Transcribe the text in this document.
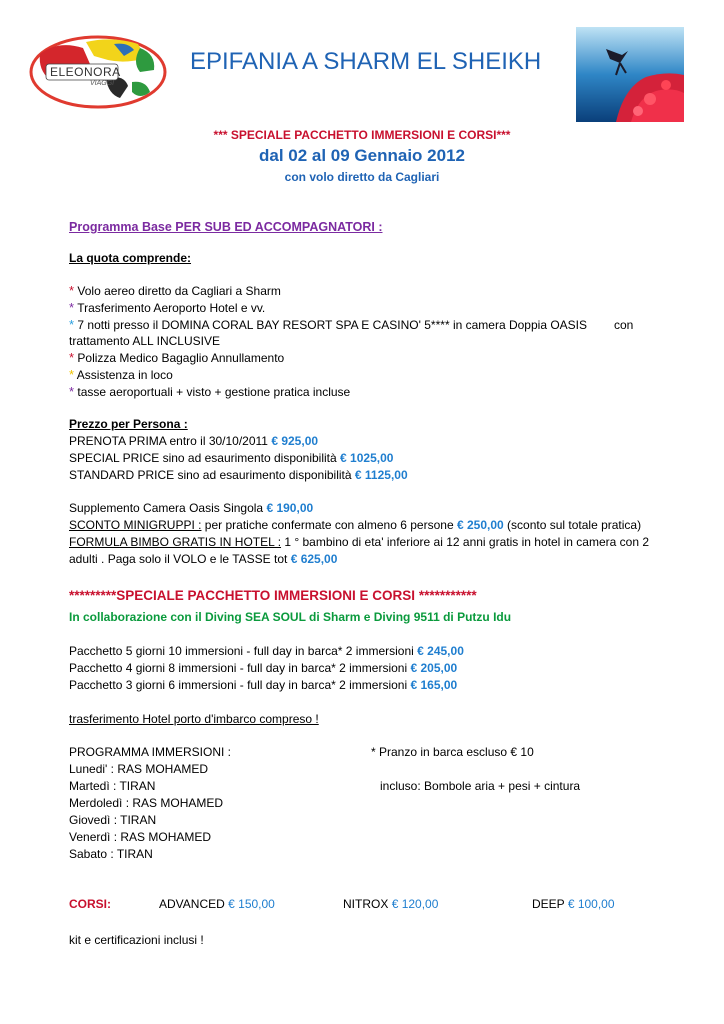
ELEONORA
VIAGGI
EPIFANIA A SHARM EL SHEIKH
*** SPECIALE PACCHETTO IMMERSIONI E CORSI***
dal 02 al 09 Gennaio 2012
con volo diretto da Cagliari
Programma Base PER SUB ED ACCOMPAGNATORI :
La quota comprende:
* Volo aereo diretto da Cagliari a Sharm
* Trasferimento Aeroporto Hotel e vv.
* 7 notti presso il DOMINA CORAL BAY RESORT SPA E CASINO' 5**** in camera Doppia OASIS con
trattamento ALL INCLUSIVE
* Polizza Medico Bagaglio Annullamento
* Assistenza in loco
* tasse aeroportuali + visto + gestione pratica incluse
Prezzo per Persona :
PRENOTA PRIMA entro il 30/10/2011 € 925,00
SPECIAL PRICE sino ad esaurimento disponibilità € 1025,00
STANDARD PRICE sino ad esaurimento disponibilità € 1125,00
Supplemento Camera Oasis Singola € 190,00
SCONTO MINIGRUPPI : per pratiche confermate con almeno 6 persone € 250,00 (sconto sul totale pratica)
FORMULA BIMBO GRATIS IN HOTEL : 1 ° bambino di eta' inferiore ai 12 anni gratis in hotel in camera con 2
adulti . Paga solo il VOLO e le TASSE tot € 625,00
*********SPECIALE PACCHETTO IMMERSIONI E CORSI ***********
In collaborazione con il Diving SEA SOUL di Sharm e Diving 9511 di Putzu Idu
Pacchetto 5 giorni 10 immersioni - full day in barca* 2 immersioni € 245,00
Pacchetto 4 giorni 8 immersioni - full day in barca* 2 immersioni € 205,00
Pacchetto 3 giorni 6 immersioni - full day in barca* 2 immersioni € 165,00
trasferimento Hotel porto d'imbarco compreso !
PROGRAMMA IMMERSIONI :	* Pranzo in barca escluso € 10
Lunedi' : RAS MOHAMED
Martedì : TIRAN	incluso: Bombole aria + pesi + cintura
Merdoledì : RAS MOHAMED
Giovedì : TIRAN
Venerdì : RAS MOHAMED
Sabato : TIRAN
CORSI:	ADVANCED € 150,00	NITROX € 120,00	DEEP € 100,00
kit e certificazioni inclusi !
